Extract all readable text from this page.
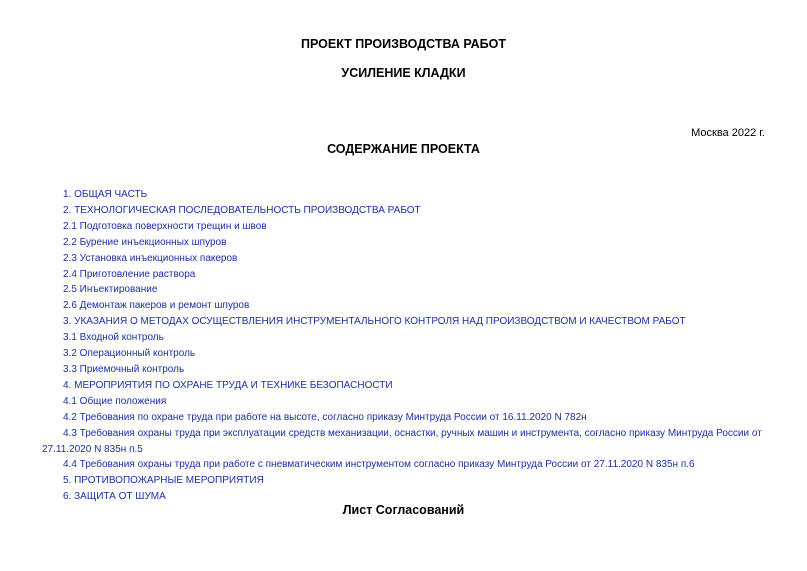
ПРОЕКТ ПРОИЗВОДСТВА РАБОТ
УСИЛЕНИЕ КЛАДКИ
Москва 2022 г.
СОДЕРЖАНИЕ ПРОЕКТА
1. ОБЩАЯ ЧАСТЬ
2. ТЕХНОЛОГИЧЕСКАЯ ПОСЛЕДОВАТЕЛЬНОСТЬ ПРОИЗВОДСТВА РАБОТ
2.1 Подготовка поверхности трещин и швов
2.2 Бурение инъекционных шпуров
2.3 Установка инъекционных пакеров
2.4 Приготовление раствора
2.5 Инъектирование
2.6 Демонтаж пакеров и ремонт шпуров
3. УКАЗАНИЯ О МЕТОДАХ ОСУЩЕСТВЛЕНИЯ ИНСТРУМЕНТАЛЬНОГО КОНТРОЛЯ НАД ПРОИЗВОДСТВОМ И КАЧЕСТВОМ РАБОТ
3.1 Входной контроль
3.2 Операционный контроль
3.3 Приемочный контроль
4. МЕРОПРИЯТИЯ ПО ОХРАНЕ ТРУДА И ТЕХНИКЕ БЕЗОПАСНОСТИ
4.1 Общие положения
4.2 Требования по охране труда при работе на высоте, согласно приказу Минтруда России от 16.11.2020 N 782н
4.3 Требования охраны труда при эксплуатации средств механизации, оснастки, ручных машин и инструмента, согласно приказу Минтруда России от 27.11.2020 N 835н п.5
4.4 Требования охраны труда при работе с пневматическим инструментом согласно приказу Минтруда России от 27.11.2020 N 835н п.6
5. ПРОТИВОПОЖАРНЫЕ МЕРОПРИЯТИЯ
6. ЗАЩИТА ОТ ШУМА
Лист Согласований
